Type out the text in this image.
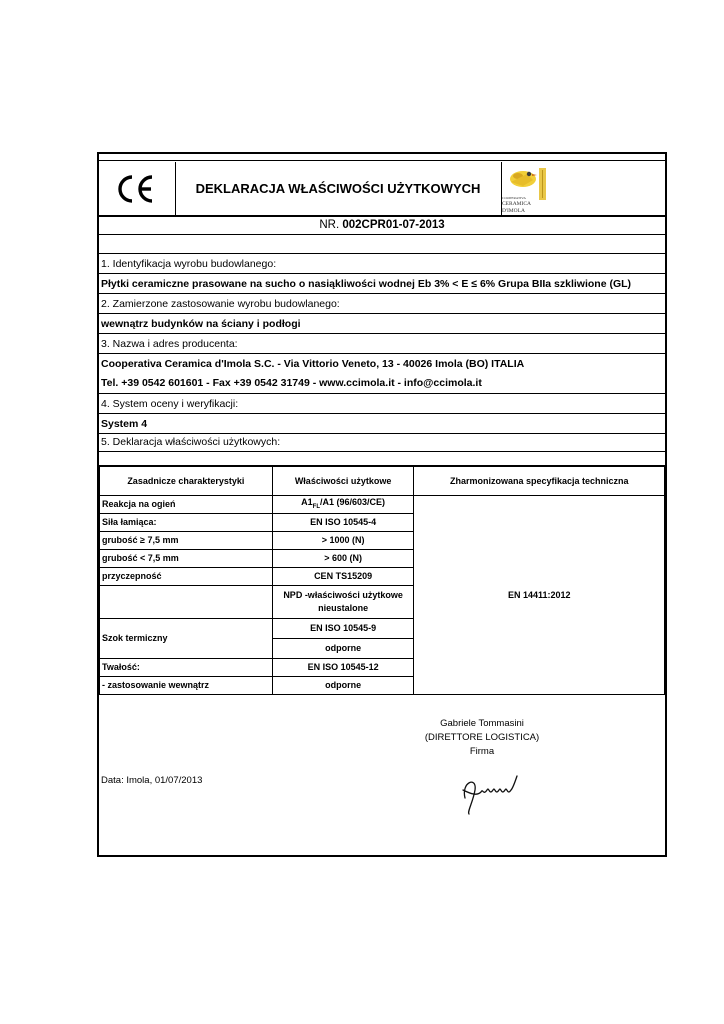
DEKLARACJA WŁAŚCIWOŚCI UŻYTKOWYCH
COOPERATIVA
CERAMICA
D'IMOLA
NR. 002CPR01-07-2013
1. Identyfikacja wyrobu budowlanego:
Płytki ceramiczne prasowane na sucho o nasiąkliwości wodnej Eb 3% < E ≤ 6% Grupa BIIa szkliwione (GL)
2. Zamierzone zastosowanie wyrobu budowlanego:
wewnątrz budynków na ściany i podłogi
3. Nazwa i adres producenta:
Cooperativa Ceramica d'Imola S.C. - Via Vittorio Veneto, 13 - 40026 Imola (BO) ITALIA
Tel. +39 0542 601601 - Fax +39 0542 31749 - www.ccimola.it - info@ccimola.it
4. System oceny i weryfikacji:
System 4
5. Deklaracja właściwości użytkowych:
Zasadnicze charakterystyki	Właściwości użytkowe	Zharmonizowana specyfikacja techniczna
Reakcja na ogień	$A1_{FL}/A1$ (96/603/CE)	EN 14411:2012
Siła łamiąca:	EN ISO 10545-4	
grubość ≥ 7,5 mm	> 1000 (N)	
grubość < 7,5 mm	> 600 (N)	
przyczepność	CEN TS15209	

	NPD -właściwości użytkowe
nieustalone	

Szok termiczny	EN ISO 10545-9	
	odporne	
Twałość:	EN ISO 10545-12	
- zastosowanie wewnątrz	odporne	
Data: Imola, 01/07/2013
Gabriele Tommasini
(DIRETTORE LOGISTICA)
Firma
